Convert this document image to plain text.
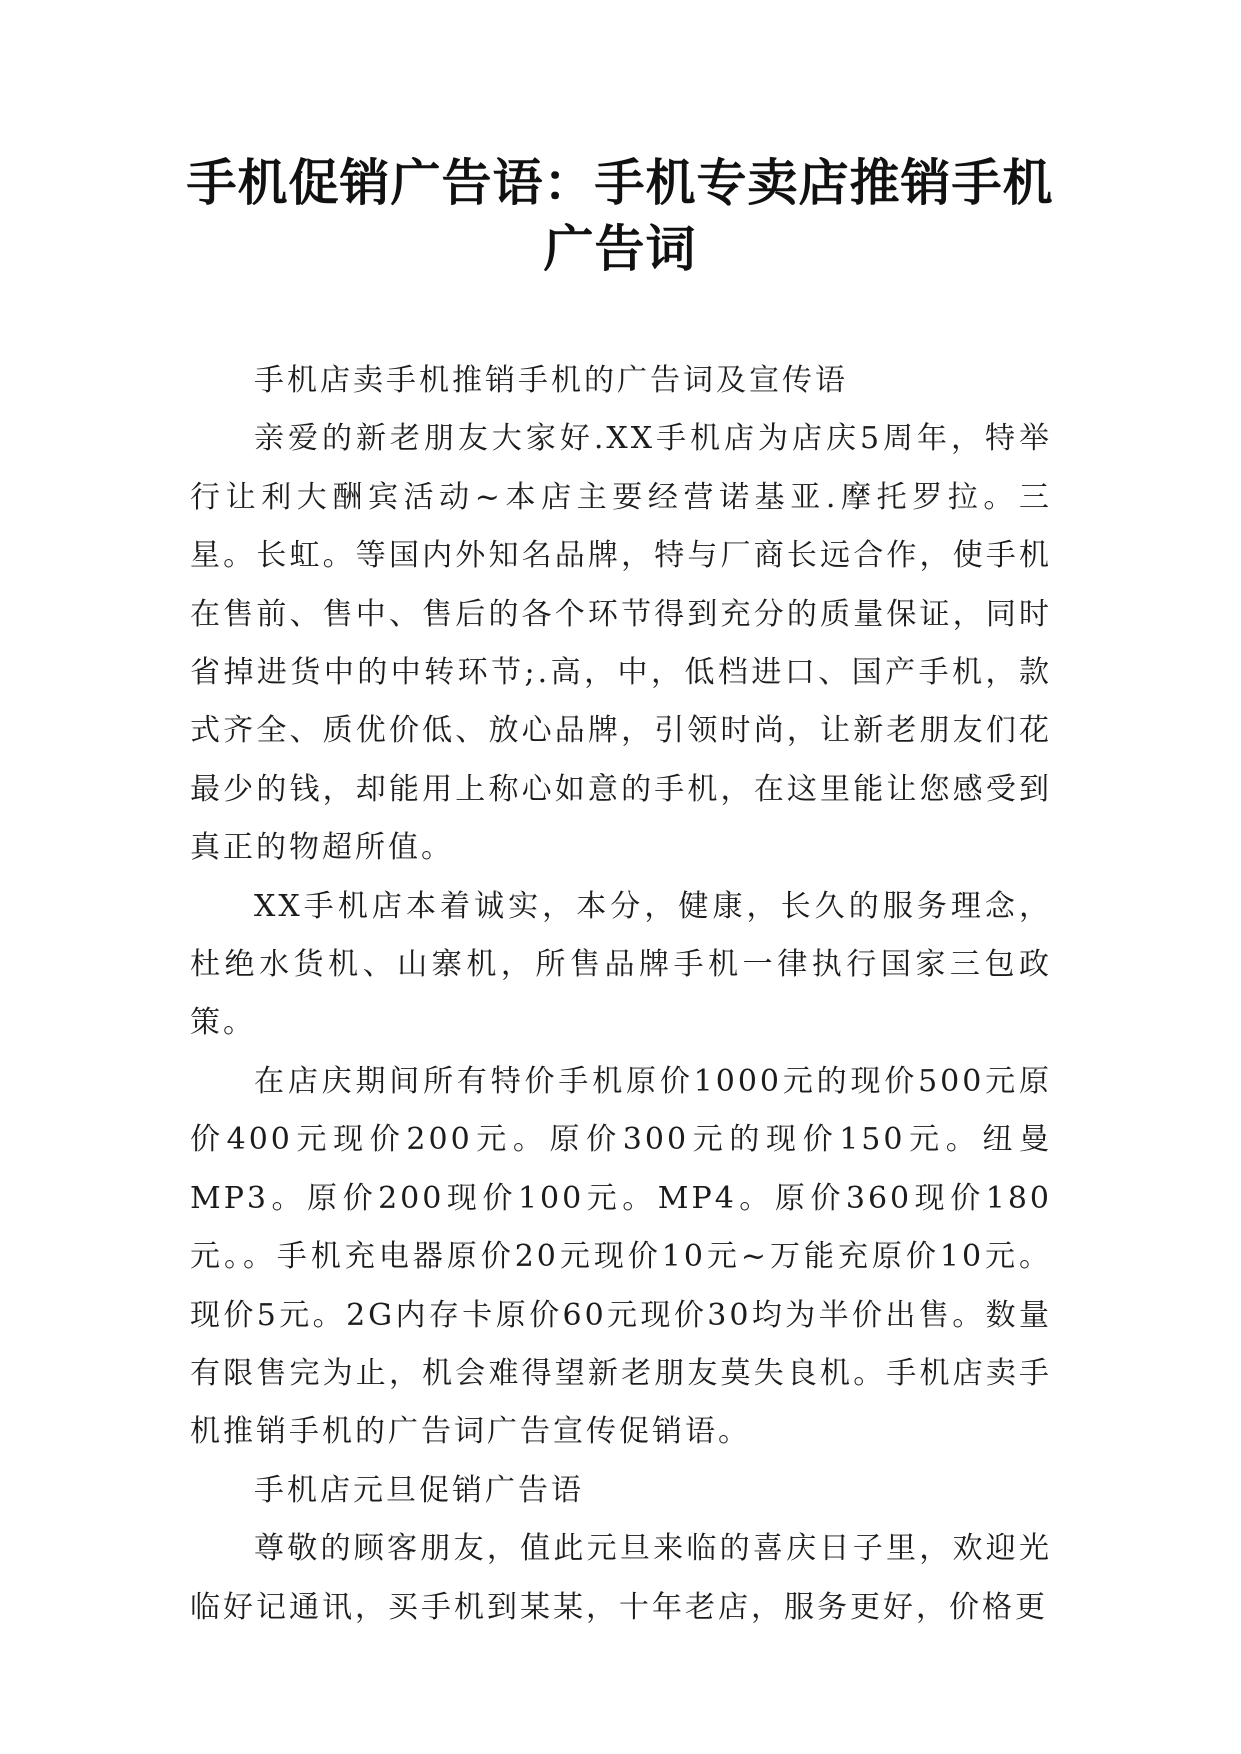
手机促销广告语：手机专卖店推销手机广告词

手机店卖手机推销手机的广告词及宣传语

亲爱的新老朋友大家好.XX手机店为店庆5周年，特举行让利大酬宾活动~本店主要经营诺基亚.摩托罗拉。三星。长虹。等国内外知名品牌，特与厂商长远合作，使手机在售前、售中、售后的各个环节得到充分的质量保证，同时省掉进货中的中转环节;.高，中，低档进口、国产手机，款式齐全、质优价低、放心品牌，引领时尚，让新老朋友们花最少的钱，却能用上称心如意的手机，在这里能让您感受到真正的物超所值。

XX手机店本着诚实，本分，健康，长久的服务理念，杜绝水货机、山寨机，所售品牌手机一律执行国家三包政策。

在店庆期间所有特价手机原价1000元的现价500元原价400元现价200元。原价300元的现价150元。纽曼MP3。原价200现价100元。MP4。原价360现价180元。。手机充电器原价20元现价10元~万能充原价10元。现价5元。2G内存卡原价60元现价30均为半价出售。数量有限售完为止，机会难得望新老朋友莫失良机。手机店卖手机推销手机的广告词广告宣传促销语。

手机店元旦促销广告语

尊敬的顾客朋友，值此元旦来临的喜庆日子里，欢迎光临好记通讯，买手机到某某，十年老店，服务更好，价格更
